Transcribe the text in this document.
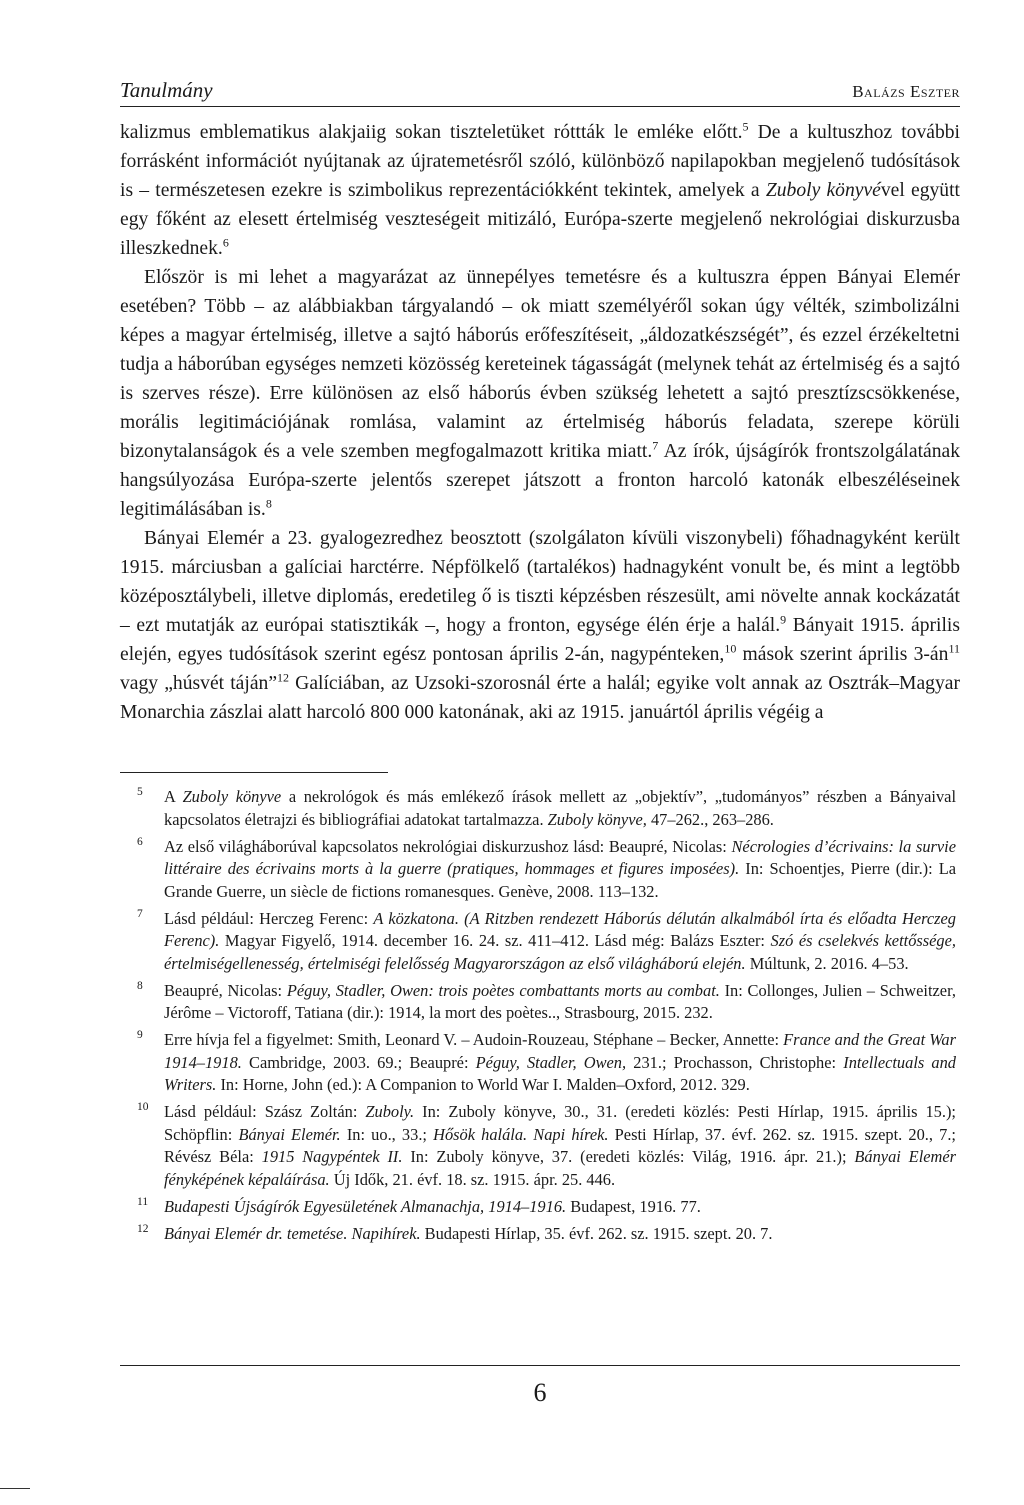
Tanulmány	Balázs Eszter

kalizmus emblematikus alakjaiig sokan tiszteletüket róttták le emléke előtt.$^5$ De a kultuszhoz további forrásként információt nyújtanak az újratemetésről szóló, különböző napilapokban megjelenő tudósítások is – természetesen ezekre is szimbolikus reprezentációkként tekintek, amelyek a Zuboly könyvével együtt egy főként az elesett értelmiség veszteségeit mitizáló, Európa-szerte megjelenő nekrológiai diskurzusba illeszkednek.$^6$

Először is mi lehet a magyarázat az ünnepélyes temetésre és a kultuszra éppen Bányai Elemér esetében? Több – az alábbiakban tárgyalandó – ok miatt személyéről sokan úgy vélték, szimbolizálni képes a magyar értelmiség, illetve a sajtó háborús erőfeszítéseit, „áldozatkészségét”, és ezzel érzékeltetni tudja a háborúban egységes nemzeti közösség kereteinek tágasságát (melynek tehát az értelmiség és a sajtó is szerves része). Erre különösen az első háborús évben szükség lehetett a sajtó presztízscsökkenése, morális legitimációjának romlása, valamint az értelmiség háborús feladata, szerepe körüli bizonytalanságok és a vele szemben megfogalmazott kritika miatt.$^7$ Az írók, újságírók frontszolgálatának hangsúlyozása Európa-szerte jelentős szerepet játszott a fronton harcoló katonák elbeszéléseinek legitimálásában is.$^8$

Bányai Elemér a 23. gyalogezredhez beosztott (szolgálaton kívüli viszonybeli) főhadnagyként került 1915. márciusban a galíciai harctérre. Népfölkelő (tartalékos) hadnagyként vonult be, és mint a legtöbb középosztálybeli, illetve diplomás, eredetileg ő is tiszti képzésben részesült, ami növelte annak kockázatát – ezt mutatják az európai statisztikák –, hogy a fronton, egysége élén érje a halál.$^9$ Bányait 1915. április elején, egyes tudósítások szerint egész pontosan április 2-án, nagypénteken,$^{10}$ mások szerint április $3-án^{11}$ vagy „húsvét táján”$^{12}$ Galíciában, az Uzsoki-szorosnál érte a halál; egyike volt annak az Osztrák–Magyar Monarchia zászlai alatt harcoló 800 000 katonának, aki az 1915. januártól április végéig a

5 A Zuboly könyve a nekrológok és más emlékező írások mellett az „objektív”, „tudományos” részben a Bányaival kapcsolatos életrajzi és bibliográfiai adatokat tartalmazza. Zuboly könyve, 47–262., 263–286.
6 Az első világháborúval kapcsolatos nekrológiai diskurzushoz lásd: Beaupré, Nicolas: Nécrologies d’écrivains: la survie littéraire des écrivains morts à la guerre (pratiques, hommages et figures imposées). In: Schoentjes, Pierre (dir.): La Grande Guerre, un siècle de fictions romanesques. Genève, 2008. 113–132.
7 Lásd például: Herczeg Ferenc: A közkatona. (A Ritzben rendezett Háborús délután alkalmából írta és előadta Herczeg Ferenc). Magyar Figyelő, 1914. december 16. 24. sz. 411–412. Lásd még: Balázs Eszter: Szó és cselekvés kettőssége, értelmiségellenesség, értelmiségi felelősség Magyarországon az első világháború elején. Múltunk, 2. 2016. 4–53.
8 Beaupré, Nicolas: Péguy, Stadler, Owen: trois poètes combattants morts au combat. In: Collonges, Julien – Schweitzer, Jérôme – Victoroff, Tatiana (dir.): 1914, la mort des poètes.., Strasbourg, 2015. 232.
9 Erre hívja fel a figyelmet: Smith, Leonard V. – Audoin-Rouzeau, Stéphane – Becker, Annette: France and the Great War 1914–1918. Cambridge, 2003. 69.; Beaupré: Péguy, Stadler, Owen, 231.; Prochasson, Christophe: Intellectuals and Writers. In: Horne, John (ed.): A Companion to World War I. Malden–Oxford, 2012. 329.
10 Lásd például: Szász Zoltán: Zuboly. In: Zuboly könyve, 30., 31. (eredeti közlés: Pesti Hírlap, 1915. április 15.); Schöpflin: Bányai Elemér. In: uo., 33.; Hősök halála. Napi hírek. Pesti Hírlap, 37. évf. 262. sz. 1915. szept. 20., 7.; Révész Béla: 1915 Nagypéntek II. In: Zuboly könyve, 37. (eredeti közlés: Világ, 1916. ápr. 21.); Bányai Elemér fényképének képaláírása. Új Idők, 21. évf. 18. sz. 1915. ápr. 25. 446.
11 Budapesti Újságírók Egyesületének Almanachja, 1914–1916. Budapest, 1916. 77.
12 Bányai Elemér dr. temetése. Napihírek. Budapesti Hírlap, 35. évf. 262. sz. 1915. szept. 20. 7.
6
